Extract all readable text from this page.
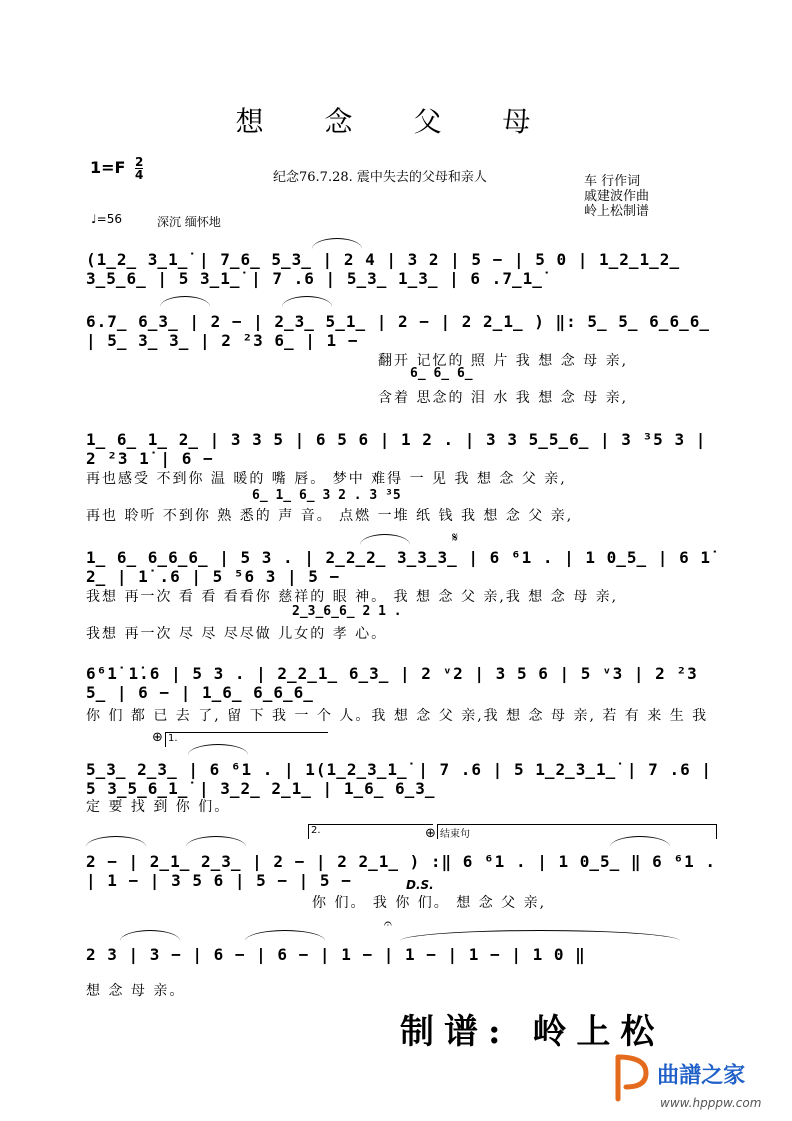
想 念 父 母
$1=F \frac{2}{4}$	纪念76.7.28. 震中失去的父母和亲人	车 行作词
戚建波作曲
岭上松制谱
♩=56	深沉 缅怀地
(1̲2̲ 3̲1̲̇ | 7̲6̲ 5̲3̲ | 2 4 | 3 2 | 5 − | 5 0 | 1̲2̲1̲2̲ 3̲5̲6̲ | 5 3̲1̲̇ | 7 .6 | 5̲3̲ 1̲3̲ | 6 .7̲1̲̇
6.7̲ 6̲3̲ | 2 − | 2̲3̲ 5̲1̲ | 2 − | 2 2̲1̲ ) ‖: 5̲ 5̲ 6̲6̲6̲ | 5̲ 3̲ 3̲ | 2 ²3 6̲ | 1 −
翻开 记忆的 照 片 我 想 念 母 亲,
6̲ 6̲ 6̲
含着 思念的 泪 水 我 想 念 母 亲,
1̲ 6̲ 1̲ 2̲ | 3 3 5 | 6 5 6 | 1 2 . | 3 3 5̲5̲6̲ | 3 ³5 3 | 2 ²3 1̇ | 6 −
再也感受 不到你 温 暖的 嘴 唇。 梦中 难得 一 见 我 想 念 父 亲,
6̲ 1̲ 6̲ 3 2 . 3 ³5
再也 聆听 不到你 熟 悉的 声 音。 点燃 一堆 纸 钱 我 想 念 父 亲,
1̲ 6̲ 6̲6̲6̲ | 5 3 . | 2̲2̲2̲ 3̲3̲3̲ | 6 ⁶1 . | 1 0̲5̲ | 6 1̇ 2̲ | 1̇ .6 | 5 ⁵6 3 | 5 −
𝄋
我想 再一次 看 看 看看你 慈祥的 眼 神。 我 想 念 父 亲,我 想 念 母 亲,
2̲3̲6̲6̲ 2 1 .
我想 再一次 尽 尽 尽尽做 儿女的 孝 心。
6⁶1̇ 1̇.6 | 5 3 . | 2̲2̲1̲ 6̲3̲ | 2 ᵛ2 | 3 5 6 | 5 ᵛ3 | 2 ²3 5̲ | 6 − | 1̲6̲ 6̲6̲6̲
你 们 都 已 去 了, 留 下 我 一 个 人。我 想 念 父 亲,我 想 念 母 亲, 若 有 来 生 我
1.
⊕
5̲3̲ 2̲3̲ | 6 ⁶1 . | 1(1̲2̲3̲1̲̇ | 7 .6 | 5 1̲2̲3̲1̲̇ | 7 .6 | 5 3̲5̲6̲1̲̇ | 3̲2̲ 2̲1̲ | 1̲6̲ 6̲3̲
定 要 找 到 你 们。
2.	⊕ 结束句
2 − | 2̲1̲ 2̲3̲ | 2 − | 2 2̲1̲ ) :‖ 6 ⁶1 . | 1 0̲5̲ ‖ 6 ⁶1 . | 1 − | 3 5 6 | 5 − | 5 −	D.S.
你 们。 我 你 们。 想 念 父 亲,
2 3 | 3 − | 6 − | 6 − | 1 − | 1 − | 1 − | 1 0 ‖
𝄐
想 念 母 亲。
制谱: 岭上松
曲譜之家
www.hpppw.com
